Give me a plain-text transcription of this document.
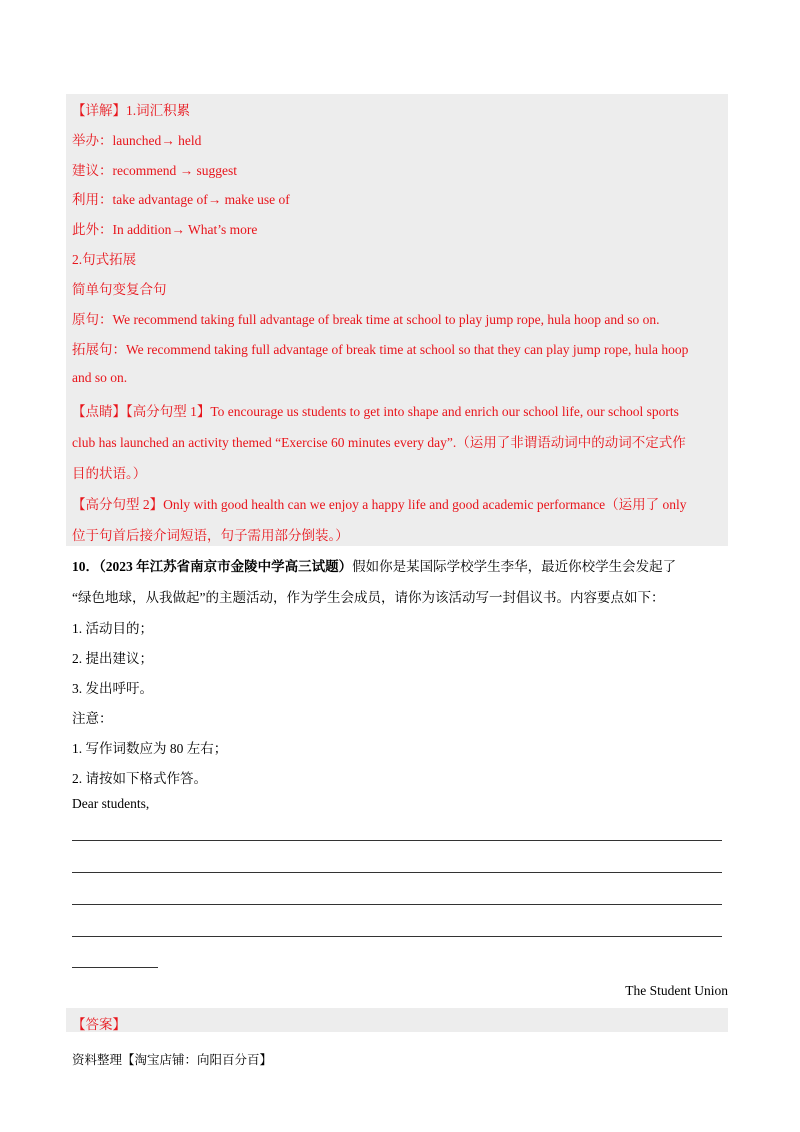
【详解】1.词汇积累
举办：launched→ held
建议：recommend → suggest
利用：take advantage of→ make use of
此外：In addition→ What’s more
2.句式拓展
简单句变复合句
原句：We recommend taking full advantage of break time at school to play jump rope, hula hoop and so on.
拓展句：We recommend taking full advantage of break time at school so that they can play jump rope, hula hoop
and so on.
【点睛】【高分句型 1】To encourage us students to get into shape and enrich our school life, our school sports
club has launched an activity themed “Exercise 60 minutes every day”.（运用了非谓语动词中的动词不定式作
目的状语。）
【高分句型 2】Only with good health can we enjoy a happy life and good academic performance（运用了 only
位于句首后接介词短语，句子需用部分倒装。）
10．（2023 年江苏省南京市金陵中学高三试题）假如你是某国际学校学生李华，最近你校学生会发起了
“绿色地球，从我做起”的主题活动，作为学生会成员，请你为该活动写一封倡议书。内容要点如下：
1. 活动目的；
2. 提出建议；
3. 发出呼吁。
注意：
1. 写作词数应为 80 左右；
2. 请按如下格式作答。
Dear students,
The Student Union
【答案】
资料整理【淘宝店铺：向阳百分百】
